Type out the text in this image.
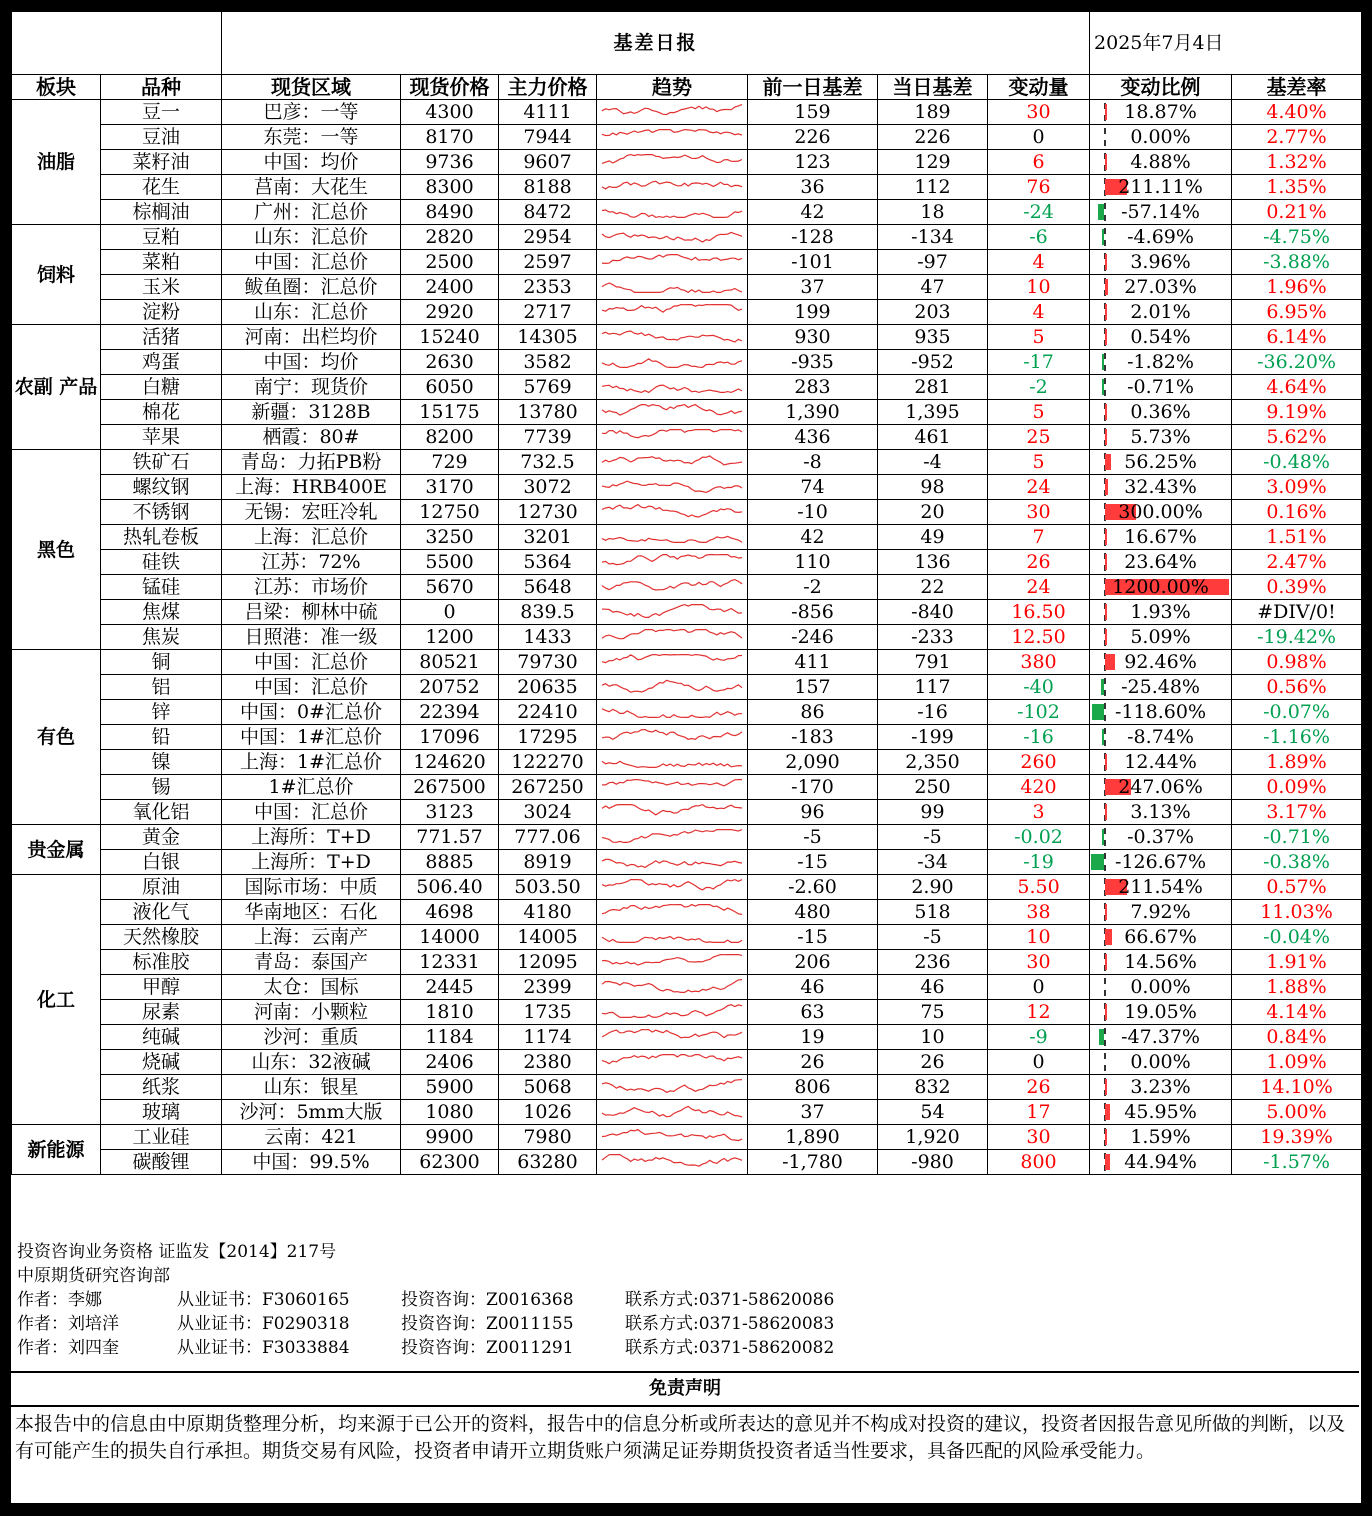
		基差日报							2025年7月4日	
板块	品种	现货区域	现货价格	主力价格	趋势	前一日基差	当日基差	变动量	变动比例	基差率
油脂	豆一	巴彦：一等	4300	4111		159	189	30	18.87%	4.40%
	豆油	东莞：一等	8170	7944		226	226	0	0.00%	2.77%
	菜籽油	中国：均价	9736	9607		123	129	6	4.88%	1.32%
	花生	莒南：大花生	8300	8188		36	112	76	211.11%	1.35%
	棕榈油	广州：汇总价	8490	8472		42	18	-24	-57.14%	0.21%
饲料	豆粕	山东：汇总价	2820	2954		-128	-134	-6	-4.69%	-4.75%
	菜粕	中国：汇总价	2500	2597		-101	-97	4	3.96%	-3.88%
	玉米	鲅鱼圈：汇总价	2400	2353		37	47	10	27.03%	1.96%
	淀粉	山东：汇总价	2920	2717		199	203	4	2.01%	6.95%
农副 产品	活猪	河南：出栏均价	15240	14305		930	935	5	0.54%	6.14%
	鸡蛋	中国：均价	2630	3582		-935	-952	-17	-1.82%	-36.20%
	白糖	南宁：现货价	6050	5769		283	281	-2	-0.71%	4.64%
	棉花	新疆：3128B	15175	13780		1,390	1,395	5	0.36%	9.19%
	苹果	栖霞：80#	8200	7739		436	461	25	5.73%	5.62%
黑色	铁矿石	青岛：力拓PB粉	729	732.5		-8	-4	5	56.25%	-0.48%
	螺纹钢	上海：HRB400E	3170	3072		74	98	24	32.43%	3.09%
	不锈钢	无锡：宏旺冷轧	12750	12730		-10	20	30	300.00%	0.16%
	热轧卷板	上海：汇总价	3250	3201		42	49	7	16.67%	1.51%
	硅铁	江苏：72%	5500	5364		110	136	26	23.64%	2.47%
	锰硅	江苏：市场价	5670	5648		-2	22	24	1200.00%	0.39%
	焦煤	吕梁：柳林中硫	0	839.5		-856	-840	16.50	1.93%	#DIV/0!
	焦炭	日照港：准一级	1200	1433		-246	-233	12.50	5.09%	-19.42%
有色	铜	中国：汇总价	80521	79730		411	791	380	92.46%	0.98%
	铝	中国：汇总价	20752	20635		157	117	-40	-25.48%	0.56%
	锌	中国：0#汇总价	22394	22410		86	-16	-102	-118.60%	-0.07%
	铅	中国：1#汇总价	17096	17295		-183	-199	-16	-8.74%	-1.16%
	镍	上海：1#汇总价	124620	122270		2,090	2,350	260	12.44%	1.89%
	锡	1#汇总价	267500	267250		-170	250	420	247.06%	0.09%
	氧化铝	中国：汇总价	3123	3024		96	99	3	3.13%	3.17%
贵金属	黄金	上海所：T+D	771.57	777.06		-5	-5	-0.02	-0.37%	-0.71%
	白银	上海所：T+D	8885	8919		-15	-34	-19	-126.67%	-0.38%
化工	原油	国际市场：中质	506.40	503.50		-2.60	2.90	5.50	211.54%	0.57%
	液化气	华南地区：石化	4698	4180		480	518	38	7.92%	11.03%
	天然橡胶	上海：云南产	14000	14005		-15	-5	10	66.67%	-0.04%
	标准胶	青岛：泰国产	12331	12095		206	236	30	14.56%	1.91%
	甲醇	太仓：国标	2445	2399		46	46	0	0.00%	1.88%
	尿素	河南：小颗粒	1810	1735		63	75	12	19.05%	4.14%
	纯碱	沙河：重质	1184	1174		19	10	-9	-47.37%	0.84%
	烧碱	山东：32液碱	2406	2380		26	26	0	0.00%	1.09%
	纸浆	山东：银星	5900	5068		806	832	26	3.23%	14.10%
	玻璃	沙河：5mm大版	1080	1026		37	54	17	45.95%	5.00%
新能源	工业硅	云南：421	9900	7980		1,890	1,920	30	1.59%	19.39%
	碳酸锂	中国：99.5%	62300	63280		-1,780	-980	800	44.94%	-1.57%
投资咨询业务资格 证监发【2014】217号
中原期货研究咨询部
作者：李娜	从业证书：F3060165	投资咨询：Z0016368	联系方式:0371-58620086
作者：刘培洋	从业证书：F0290318	投资咨询：Z0011155	联系方式:0371-58620083
作者：刘四奎	从业证书：F3033884	投资咨询：Z0011291	联系方式:0371-58620082
免责声明
本报告中的信息由中原期货整理分析，均来源于已公开的资料，报告中的信息分析或所表达的意见并不构成对投资的建议，投资者因报告意见所做的判断，以及有可能产生的损失自行承担。期货交易有风险，投资者申请开立期货账户须满足证券期货投资者适当性要求，具备匹配的风险承受能力。
